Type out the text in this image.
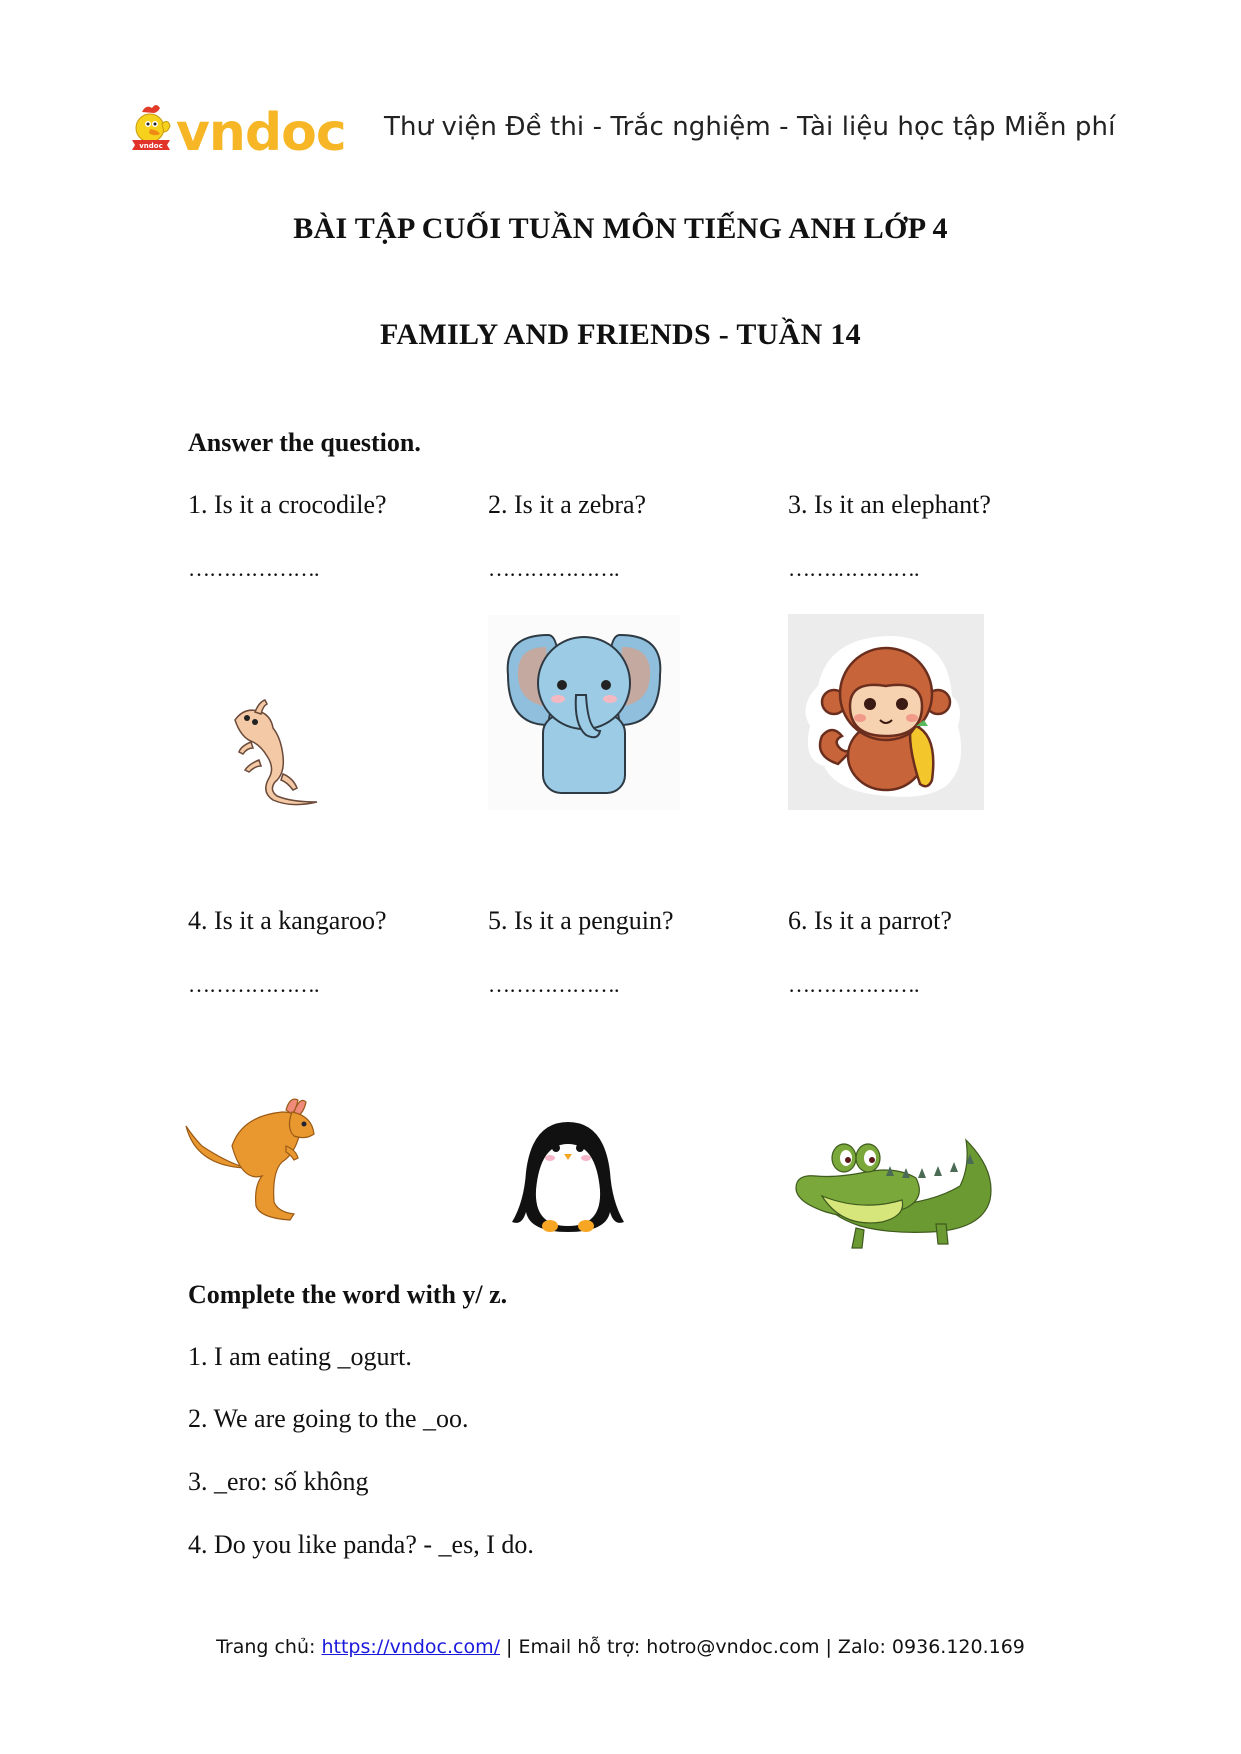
vndoc vndoc Thư viện Đề thi - Trắc nghiệm - Tài liệu học tập Miễn phí
BÀI TẬP CUỐI TUẦN MÔN TIẾNG ANH LỚP 4
FAMILY AND FRIENDS - TUẦN 14
Answer the question.
1. Is it a crocodile?	2. Is it a zebra?	3. Is it an elephant?
……………….	……………….	……………….
4. Is it a kangaroo?	5. Is it a penguin?	6. Is it a parrot?
……………….	……………….	……………….
Complete the word with y/ z.
1. I am eating _ogurt.
2. We are going to the _oo.
3. _ero: số không
4. Do you like panda? - _es, I do.
Trang chủ: https://vndoc.com/ | Email hỗ trợ: hotro@vndoc.com | Zalo: 0936.120.169
